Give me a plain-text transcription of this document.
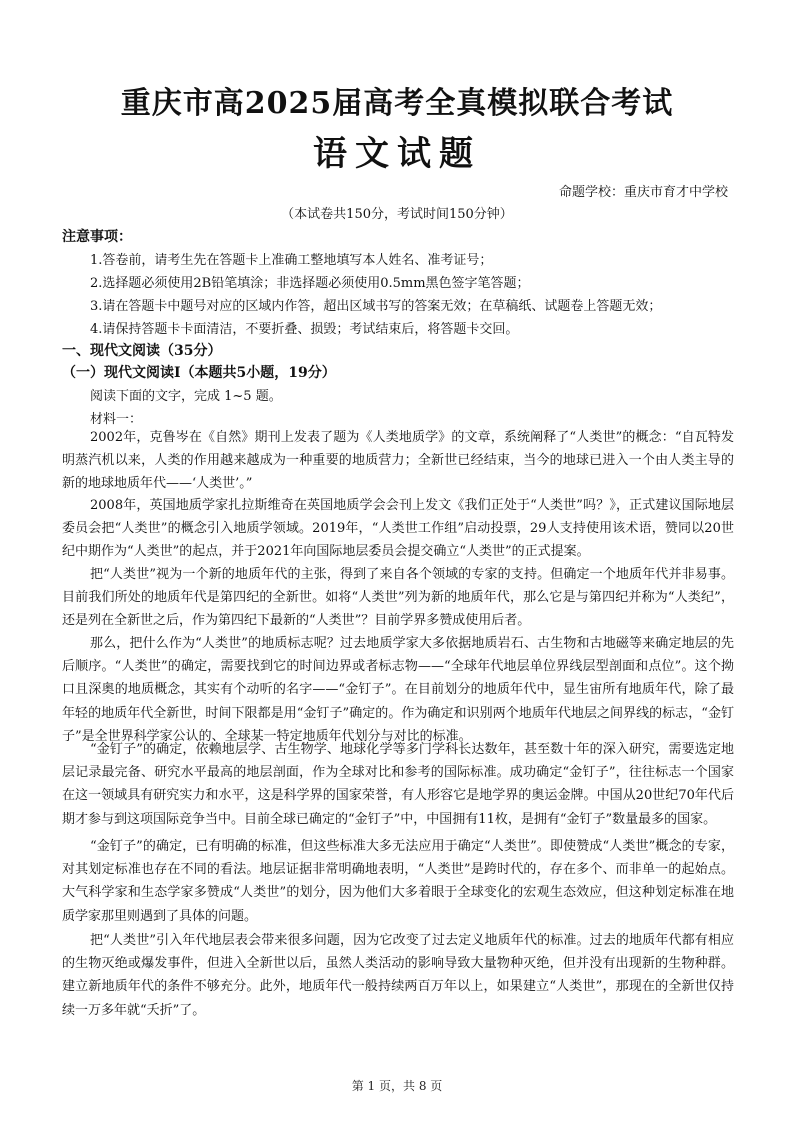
重庆市高2025届高考全真模拟联合考试
语文试题
命题学校：重庆市育才中学校
（本试卷共150分，考试时间150分钟）
注意事项：
1.答卷前，请考生先在答题卡上准确工整地填写本人姓名、准考证号；
2.选择题必须使用2B铅笔填涂；非选择题必须使用0.5mm黑色签字笔答题；
3.请在答题卡中题号对应的区域内作答，超出区域书写的答案无效；在草稿纸、试题卷上答题无效；
4.请保持答题卡卡面清洁，不要折叠、损毁；考试结束后，将答题卡交回。
一、现代文阅读（35分）
（一）现代文阅读Ⅰ（本题共5小题，19分）
阅读下面的文字，完成 1~5 题。
材料一：
2002年，克鲁岑在《自然》期刊上发表了题为《人类地质学》的文章，系统阐释了“人类世”的概念：“自瓦特发明蒸汽机以来，人类的作用越来越成为一种重要的地质营力；全新世已经结束，当今的地球已进入一个由人类主导的新的地球地质年代——‘人类世’。”
2008年，英国地质学家扎拉斯维奇在英国地质学会会刊上发文《我们正处于“人类世”吗？》，正式建议国际地层委员会把“人类世”的概念引入地质学领域。2019年，“人类世工作组”启动投票，29人支持使用该术语，赞同以20世纪中期作为“人类世”的起点，并于2021年向国际地层委员会提交确立“人类世”的正式提案。
把“人类世”视为一个新的地质年代的主张，得到了来自各个领域的专家的支持。但确定一个地质年代并非易事。目前我们所处的地质年代是第四纪的全新世。如将“人类世”列为新的地质年代，那么它是与第四纪并称为“人类纪”，还是列在全新世之后，作为第四纪下最新的“人类世”？目前学界多赞成使用后者。
那么，把什么作为“人类世”的地质标志呢？过去地质学家大多依据地质岩石、古生物和古地磁等来确定地层的先后顺序。“人类世”的确定，需要找到它的时间边界或者标志物——“全球年代地层单位界线层型剖面和点位”。这个拗口且深奥的地质概念，其实有个动听的名字——“金钉子”。在目前划分的地质年代中，显生宙所有地质年代，除了最年轻的地质年代全新世，时间下限都是用“金钉子”确定的。作为确定和识别两个地质年代地层之间界线的标志，“金钉子”是全世界科学家公认的、全球某一特定地质年代划分与对比的标准。
“金钉子”的确定，依赖地层学、古生物学、地球化学等多门学科长达数年，甚至数十年的深入研究，需要选定地层记录最完备、研究水平最高的地层剖面，作为全球对比和参考的国际标准。成功确定“金钉子”，往往标志一个国家在这一领域具有研究实力和水平，这是科学界的国家荣誉，有人形容它是地学界的奥运金牌。中国从20世纪70年代后期才参与到这项国际竞争当中。目前全球已确定的“金钉子”中，中国拥有11枚，是拥有“金钉子”数量最多的国家。
“金钉子”的确定，已有明确的标准，但这些标准大多无法应用于确定“人类世”。即使赞成“人类世”概念的专家，对其划定标准也存在不同的看法。地层证据非常明确地表明，“人类世”是跨时代的，存在多个、而非单一的起始点。大气科学家和生态学家多赞成“人类世”的划分，因为他们大多着眼于全球变化的宏观生态效应，但这种划定标准在地质学家那里则遇到了具体的问题。
把“人类世”引入年代地层表会带来很多问题，因为它改变了过去定义地质年代的标准。过去的地质年代都有相应的生物灭绝或爆发事件，但进入全新世以后，虽然人类活动的影响导致大量物种灭绝，但并没有出现新的生物种群。建立新地质年代的条件不够充分。此外，地质年代一般持续两百万年以上，如果建立“人类世”，那现在的全新世仅持续一万多年就“夭折”了。
第 1 页，共 8 页
